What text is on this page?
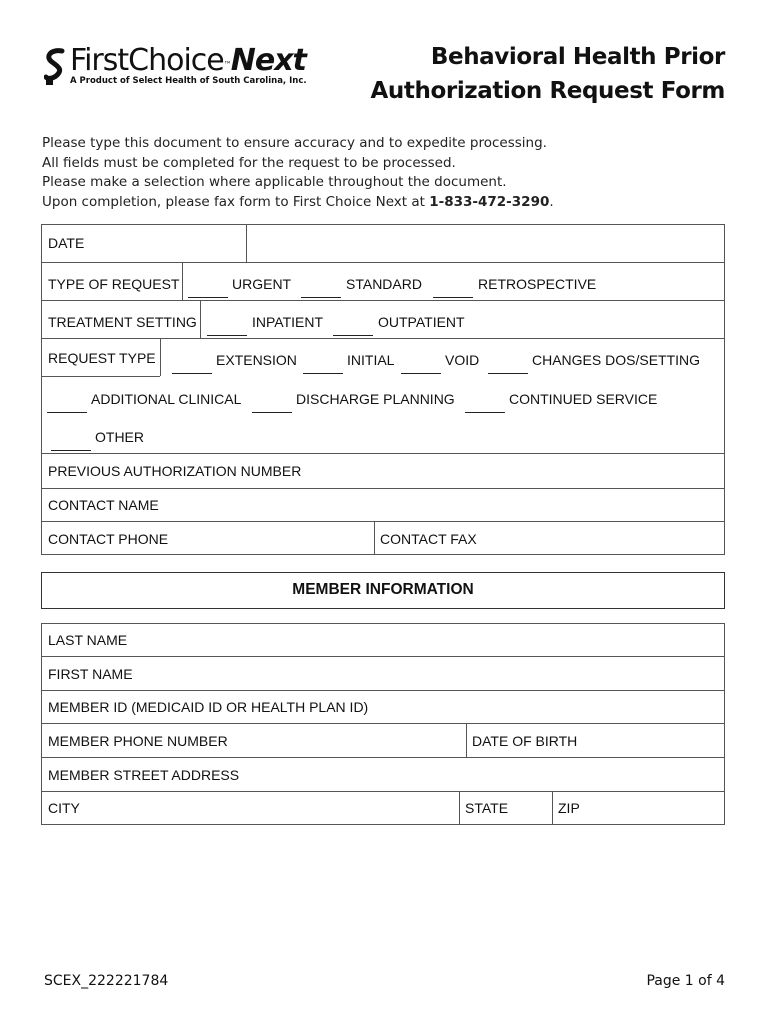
FirstChoice™Next
A Product of Select Health of South Carolina, Inc.
Behavioral Health Prior
Authorization Request Form
Please type this document to ensure accuracy and to expedite processing.
All fields must be completed for the request to be processed.
Please make a selection where applicable throughout the document.
Upon completion, please fax form to First Choice Next at 1-833-472-3290.
DATE
TYPE OF REQUEST	URGENT	STANDARD	RETROSPECTIVE
TREATMENT SETTING	INPATIENT	OUTPATIENT
REQUEST TYPE	EXTENSION	INITIAL	VOID	CHANGES DOS/SETTING
ADDITIONAL CLINICAL	DISCHARGE PLANNING	CONTINUED SERVICE
OTHER
PREVIOUS AUTHORIZATION NUMBER
CONTACT NAME
CONTACT PHONE	CONTACT FAX
MEMBER INFORMATION
LAST NAME
FIRST NAME
MEMBER ID (MEDICAID ID OR HEALTH PLAN ID)
MEMBER PHONE NUMBER	DATE OF BIRTH
MEMBER STREET ADDRESS
CITY	STATE	ZIP
SCEX_222221784	Page 1 of 4
